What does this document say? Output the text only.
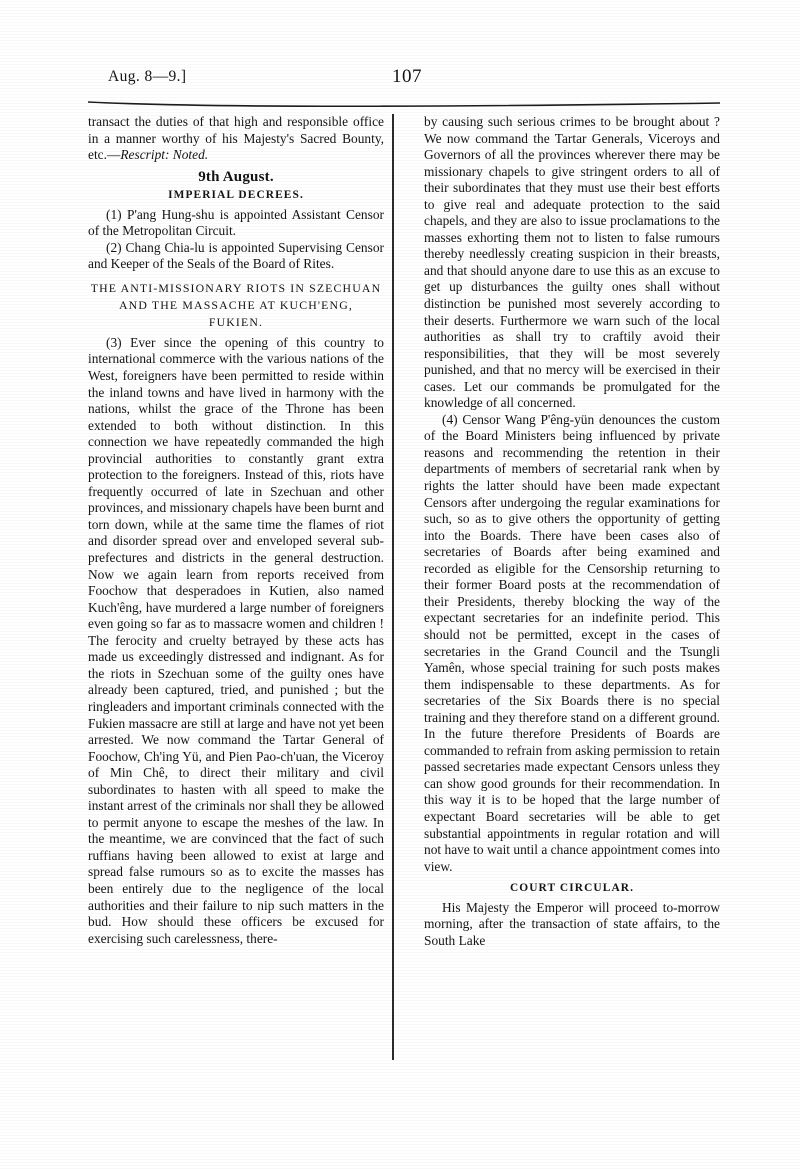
Aug. 8—9.]	107

transact the duties of that high and responsible office in a manner worthy of his Majesty's Sacred Bounty, etc.—Rescript: Noted.

9th August.
IMPERIAL DECREES.

(1) P'ang Hung-shu is appointed Assistant Censor of the Metropolitan Circuit.

(2) Chang Chia-lu is appointed Supervising Censor and Keeper of the Seals of the Board of Rites.

THE ANTI-MISSIONARY RIOTS IN SZECHUAN
AND THE MASSACHE AT KUCH'ENG,
FUKIEN.

(3) Ever since the opening of this country to international commerce with the various nations of the West, foreigners have been permitted to reside within the inland towns and have lived in harmony with the nations, whilst the grace of the Throne has been extended to both without distinction. In this connection we have repeatedly commanded the high provincial authorities to constantly grant extra protection to the foreigners. Instead of this, riots have frequently occurred of late in Szechuan and other provinces, and missionary chapels have been burnt and torn down, while at the same time the flames of riot and disorder spread over and enveloped several sub-prefectures and districts in the general destruction. Now we again learn from reports received from Foochow that desperadoes in Kutien, also named Kuch'êng, have murdered a large number of foreigners even going so far as to massacre women and children ! The ferocity and cruelty betrayed by these acts has made us exceedingly distressed and indignant. As for the riots in Szechuan some of the guilty ones have already been captured, tried, and punished ; but the ringleaders and important criminals connected with the Fukien massacre are still at large and have not yet been arrested. We now command the Tartar General of Foochow, Ch'ing Yü, and Pien Pao-ch'uan, the Viceroy of Min Chê, to direct their military and civil subordinates to hasten with all speed to make the instant arrest of the criminals nor shall they be allowed to permit anyone to escape the meshes of the law. In the meantime, we are convinced that the fact of such ruffians having been allowed to exist at large and spread false rumours so as to excite the masses has been entirely due to the negligence of the local authorities and their failure to nip such matters in the bud. How should these officers be excused for exercising such carelessness, there-

by causing such serious crimes to be brought about ? We now command the Tartar Generals, Viceroys and Governors of all the provinces wherever there may be missionary chapels to give stringent orders to all of their subordinates that they must use their best efforts to give real and adequate protection to the said chapels, and they are also to issue proclamations to the masses exhorting them not to listen to false rumours thereby needlessly creating suspicion in their breasts, and that should anyone dare to use this as an excuse to get up disturbances the guilty ones shall without distinction be punished most severely according to their deserts. Furthermore we warn such of the local authorities as shall try to craftily avoid their responsibilities, that they will be most severely punished, and that no mercy will be exercised in their cases. Let our commands be promulgated for the knowledge of all concerned.

(4) Censor Wang P'êng-yün denounces the custom of the Board Ministers being influenced by private reasons and recommending the retention in their departments of members of secretarial rank when by rights the latter should have been made expectant Censors after undergoing the regular examinations for such, so as to give others the opportunity of getting into the Boards. There have been cases also of secretaries of Boards after being examined and recorded as eligible for the Censorship returning to their former Board posts at the recommendation of their Presidents, thereby blocking the way of the expectant secretaries for an indefinite period. This should not be permitted, except in the cases of secretaries in the Grand Council and the Tsungli Yamên, whose special training for such posts makes them indispensable to these departments. As for secretaries of the Six Boards there is no special training and they therefore stand on a different ground. In the future therefore Presidents of Boards are commanded to refrain from asking permission to retain passed secretaries made expectant Censors unless they can show good grounds for their recommendation. In this way it is to be hoped that the large number of expectant Board secretaries will be able to get substantial appointments in regular rotation and will not have to wait until a chance appointment comes into view.

COURT CIRCULAR.

His Majesty the Emperor will proceed to-morrow morning, after the transaction of state affairs, to the South Lake
